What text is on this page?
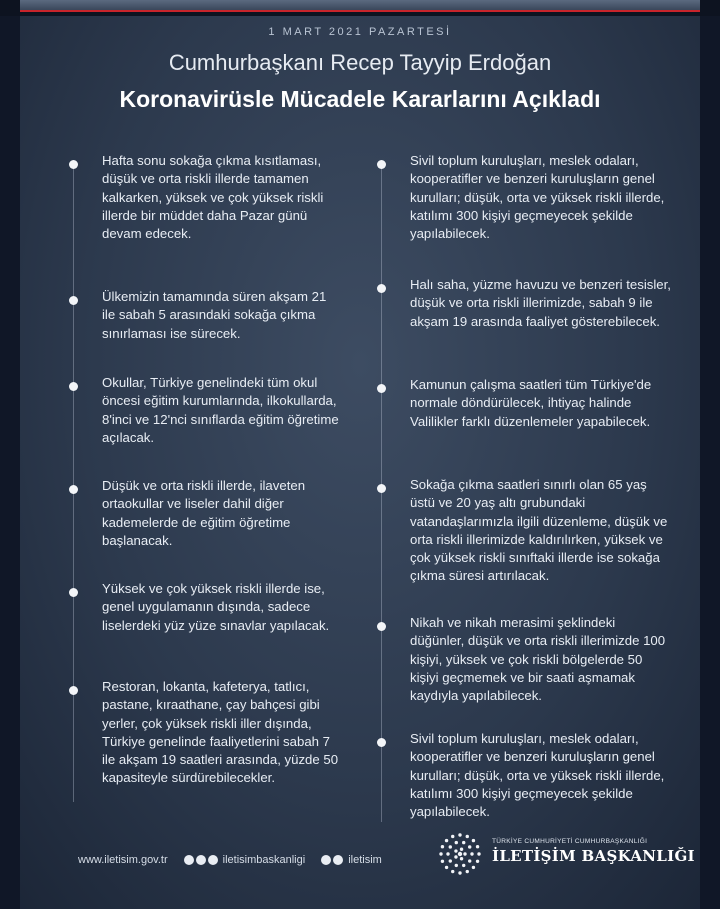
1 MART 2021 PAZARTESİ
Cumhurbaşkanı Recep Tayyip Erdoğan
Koronavirüsle Mücadele Kararlarını Açıkladı
Hafta sonu sokağa çıkma kısıtlaması, düşük ve orta riskli illerde tamamen kalkarken, yüksek ve çok yüksek riskli illerde bir müddet daha Pazar günü devam edecek.
Ülkemizin tamamında süren akşam 21 ile sabah 5 arasındaki sokağa çıkma sınırlaması ise sürecek.
Okullar, Türkiye genelindeki tüm okul öncesi eğitim kurumlarında, ilkokullarda, 8'inci ve 12'nci sınıflarda eğitim öğretime açılacak.
Düşük ve orta riskli illerde, ilaveten ortaokullar ve liseler dahil diğer kademelerde de eğitim öğretime başlanacak.
Yüksek ve çok yüksek riskli illerde ise, genel uygulamanın dışında, sadece liselerdeki yüz yüze sınavlar yapılacak.
Restoran, lokanta, kafeterya, tatlıcı, pastane, kıraathane, çay bahçesi gibi yerler, çok yüksek riskli iller dışında, Türkiye genelinde faaliyetlerini sabah 7 ile akşam 19 saatleri arasında, yüzde 50 kapasiteyle sürdürebilecekler.
Sivil toplum kuruluşları, meslek odaları, kooperatifler ve benzeri kuruluşların genel kurulları; düşük, orta ve yüksek riskli illerde, katılımı 300 kişiyi geçmeyecek şekilde yapılabilecek.
Halı saha, yüzme havuzu ve benzeri tesisler, düşük ve orta riskli illerimizde, sabah 9 ile akşam 19 arasında faaliyet gösterebilecek.
Kamunun çalışma saatleri tüm Türkiye'de normale döndürülecek, ihtiyaç halinde Valilikler farklı düzenlemeler yapabilecek.
Sokağa çıkma saatleri sınırlı olan 65 yaş üstü ve 20 yaş altı grubundaki vatandaşlarımızla ilgili düzenleme, düşük ve orta riskli illerimizde kaldırılırken, yüksek ve çok yüksek riskli sınıftaki illerde ise sokağa çıkma süresi artırılacak.
Nikah ve nikah merasimi şeklindeki düğünler, düşük ve orta riskli illerimizde 100 kişiyi, yüksek ve çok riskli bölgelerde 50 kişiyi geçmemek ve bir saati aşmamak kaydıyla yapılabilecek.
Sivil toplum kuruluşları, meslek odaları, kooperatifler ve benzeri kuruluşların genel kurulları; düşük, orta ve yüksek riskli illerde, katılımı 300 kişiyi geçmeyecek şekilde yapılabilecek.
www.iletisim.gov.tr	iletisimbaskanligi	iletisim
TÜRKİYE CUMHURİYETİ CUMHURBAŞKANLIĞI
İLETİŞİM BAŞKANLIĞI
